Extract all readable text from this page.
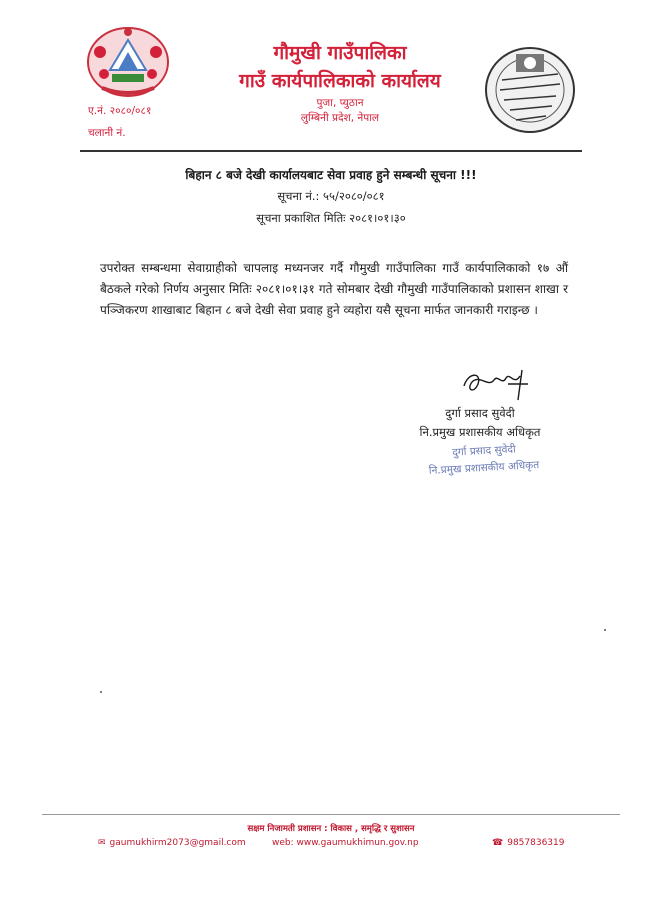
गौमुखी गाउँपालिका
गाउँ कार्यपालिकाको कार्यालय
पुजा, प्युठान
लुम्बिनी प्रदेश, नेपाल
ए.नं. २०८०/०८१
चलानी नं.
बिहान ८ बजे देखी कार्यालयबाट सेवा प्रवाह हुने सम्बन्धी सूचना !!!
सूचना नं.: ५५/२०८०/०८१
सूचना प्रकाशित मितिः २०८१।०१।३०
उपरोक्त सम्बन्धमा सेवाग्राहीको चापलाइ मध्यनजर गर्दै गौमुखी गाउँपालिका गाउँ कार्यपालिकाको १७ औं बैठकले गरेको निर्णय अनुसार मितिः २०८१।०१।३१ गते सोमबार देखी गौमुखी गाउँपालिकाको प्रशासन शाखा र पञ्जिकरण शाखाबाट बिहान ८ बजे देखी सेवा प्रवाह हुने व्यहोरा यसै सूचना मार्फत जानकारी गराइन्छ ।
दुर्गा प्रसाद सुवेदी
नि.प्रमुख प्रशासकीय अधिकृत
दुर्गा प्रसाद सुवेदी
नि.प्रमुख प्रशासकीय अधिकृत
सक्षम निजामती प्रशासन : विकास , समृद्धि र सुशासन
✉ gaumukhirm2073@gmail.com	web: www.gaumukhimun.gov.np	☎ 9857836319
